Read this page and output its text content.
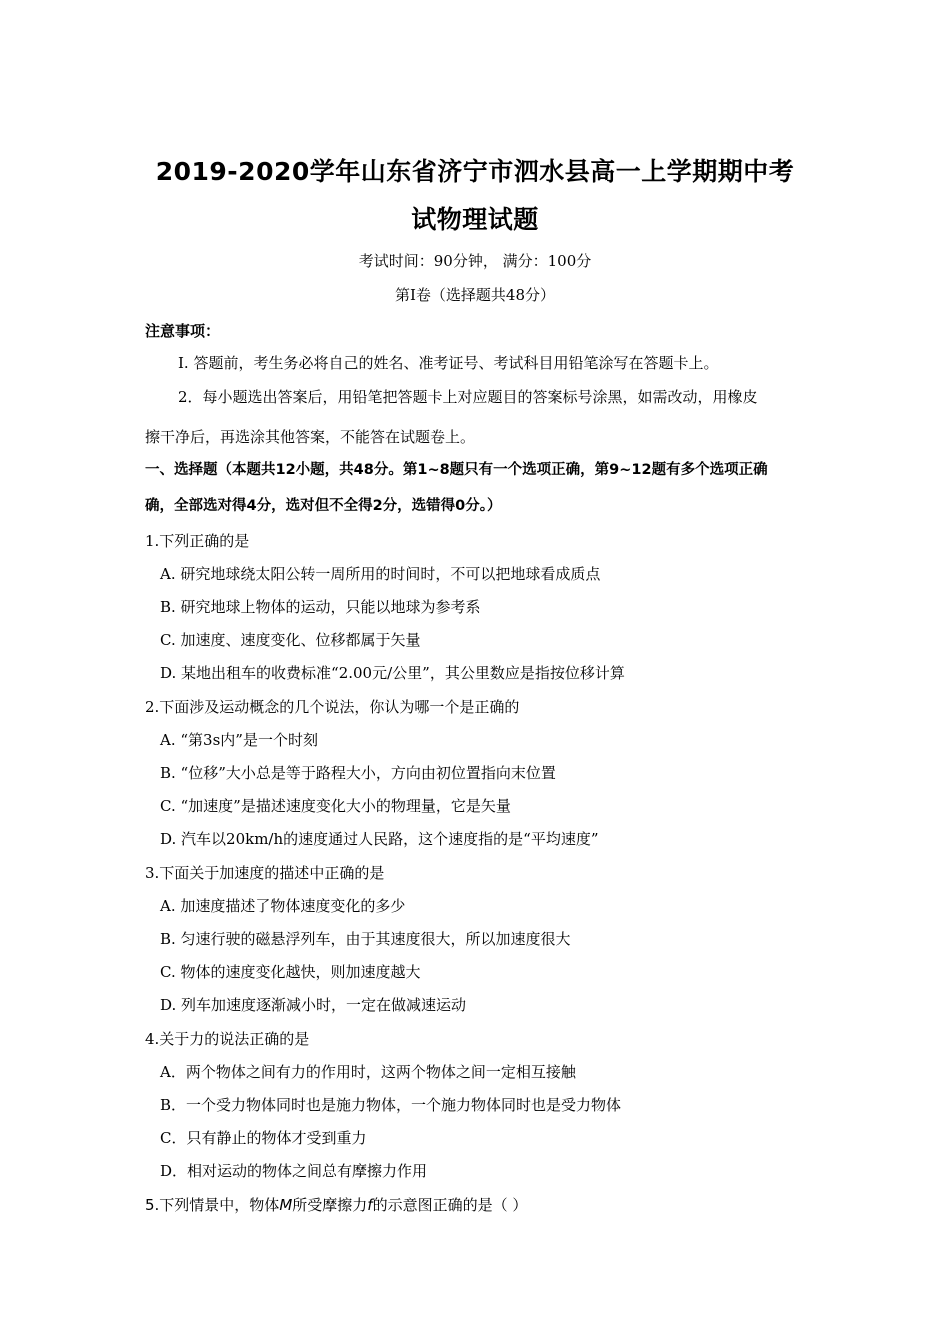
2019-2020学年山东省济宁市泗水县高一上学期期中考
试物理试题
考试时间：90分钟， 满分：100分
第Ⅰ卷（选择题共48分）
注意事项：
Ⅰ. 答题前，考生务必将自己的姓名、准考证号、考试科目用铅笔涂写在答题卡上。
2．每小题选出答案后，用铅笔把答题卡上对应题目的答案标号涂黑，如需改动，用橡皮
擦干净后，再选涂其他答案，不能答在试题卷上。
一、选择题（本题共12小题，共48分。第1~8题只有一个选项正确，第9~12题有多个选项正确
确，全部选对得4分，选对但不全得2分，选错得0分。）
1.下列正确的是
A. 研究地球绕太阳公转一周所用的时间时，不可以把地球看成质点
B. 研究地球上物体的运动，只能以地球为参考系
C. 加速度、速度变化、位移都属于矢量
D. 某地出租车的收费标准“2.00元/公里”，其公里数应是指按位移计算
2.下面涉及运动概念的几个说法，你认为哪一个是正确的
A. “第3s内”是一个时刻
B. “位移”大小总是等于路程大小，方向由初位置指向末位置
C. “加速度”是描述速度变化大小的物理量，它是矢量
D. 汽车以20km/h的速度通过人民路，这个速度指的是“平均速度”
3.下面关于加速度的描述中正确的是
A. 加速度描述了物体速度变化的多少
B. 匀速行驶的磁悬浮列车，由于其速度很大，所以加速度很大
C. 物体的速度变化越快，则加速度越大
D. 列车加速度逐渐减小时，一定在做减速运动
4.关于力的说法正确的是
A．两个物体之间有力的作用时，这两个物体之间一定相互接触
B．一个受力物体同时也是施力物体，一个施力物体同时也是受力物体
C．只有静止的物体才受到重力
D．相对运动的物体之间总有摩擦力作用
5.下列情景中，物体M所受摩擦力f的示意图正确的是（ ）
